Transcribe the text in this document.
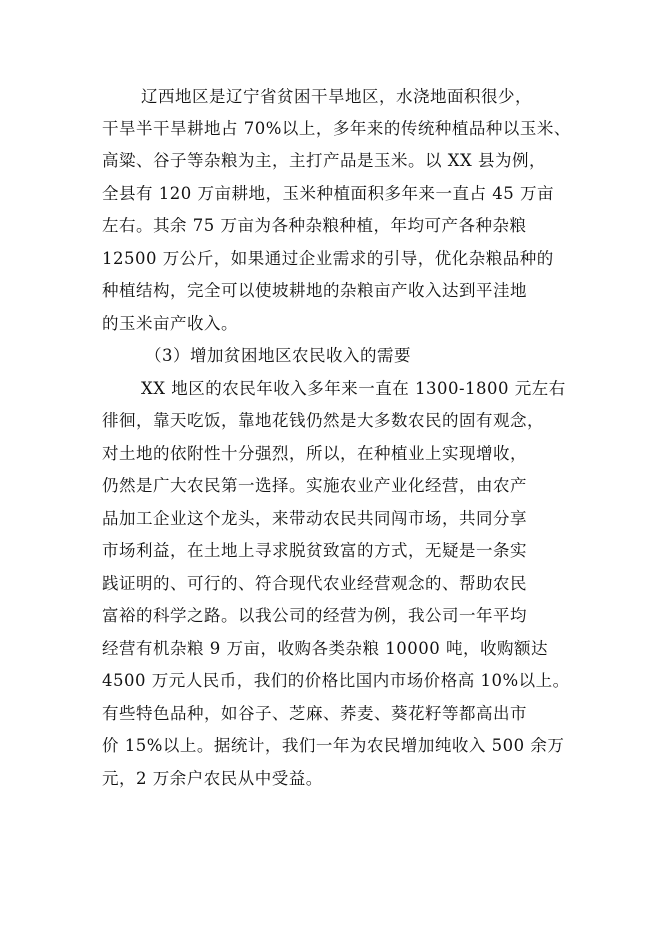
辽西地区是辽宁省贫困干旱地区，水浇地面积很少，
干旱半干旱耕地占 70%以上，多年来的传统种植品种以玉米、
高粱、谷子等杂粮为主，主打产品是玉米。以 XX 县为例，
全县有 120 万亩耕地，玉米种植面积多年来一直占 45 万亩
左右。其余 75 万亩为各种杂粮种植，年均可产各种杂粮
12500 万公斤，如果通过企业需求的引导，优化杂粮品种的
种植结构，完全可以使坡耕地的杂粮亩产收入达到平洼地
的玉米亩产收入。
（3）增加贫困地区农民收入的需要
XX 地区的农民年收入多年来一直在 1300-1800 元左右
徘徊，靠天吃饭，靠地花钱仍然是大多数农民的固有观念，
对土地的依附性十分强烈，所以，在种植业上实现增收，
仍然是广大农民第一选择。实施农业产业化经营，由农产
品加工企业这个龙头，来带动农民共同闯市场，共同分享
市场利益，在土地上寻求脱贫致富的方式，无疑是一条实
践证明的、可行的、符合现代农业经营观念的、帮助农民
富裕的科学之路。以我公司的经营为例，我公司一年平均
经营有机杂粮 9 万亩，收购各类杂粮 10000 吨，收购额达
4500 万元人民币，我们的价格比国内市场价格高 10%以上。
有些特色品种，如谷子、芝麻、荞麦、葵花籽等都高出市
价 15%以上。据统计，我们一年为农民增加纯收入 500 余万
元，2 万余户农民从中受益。
